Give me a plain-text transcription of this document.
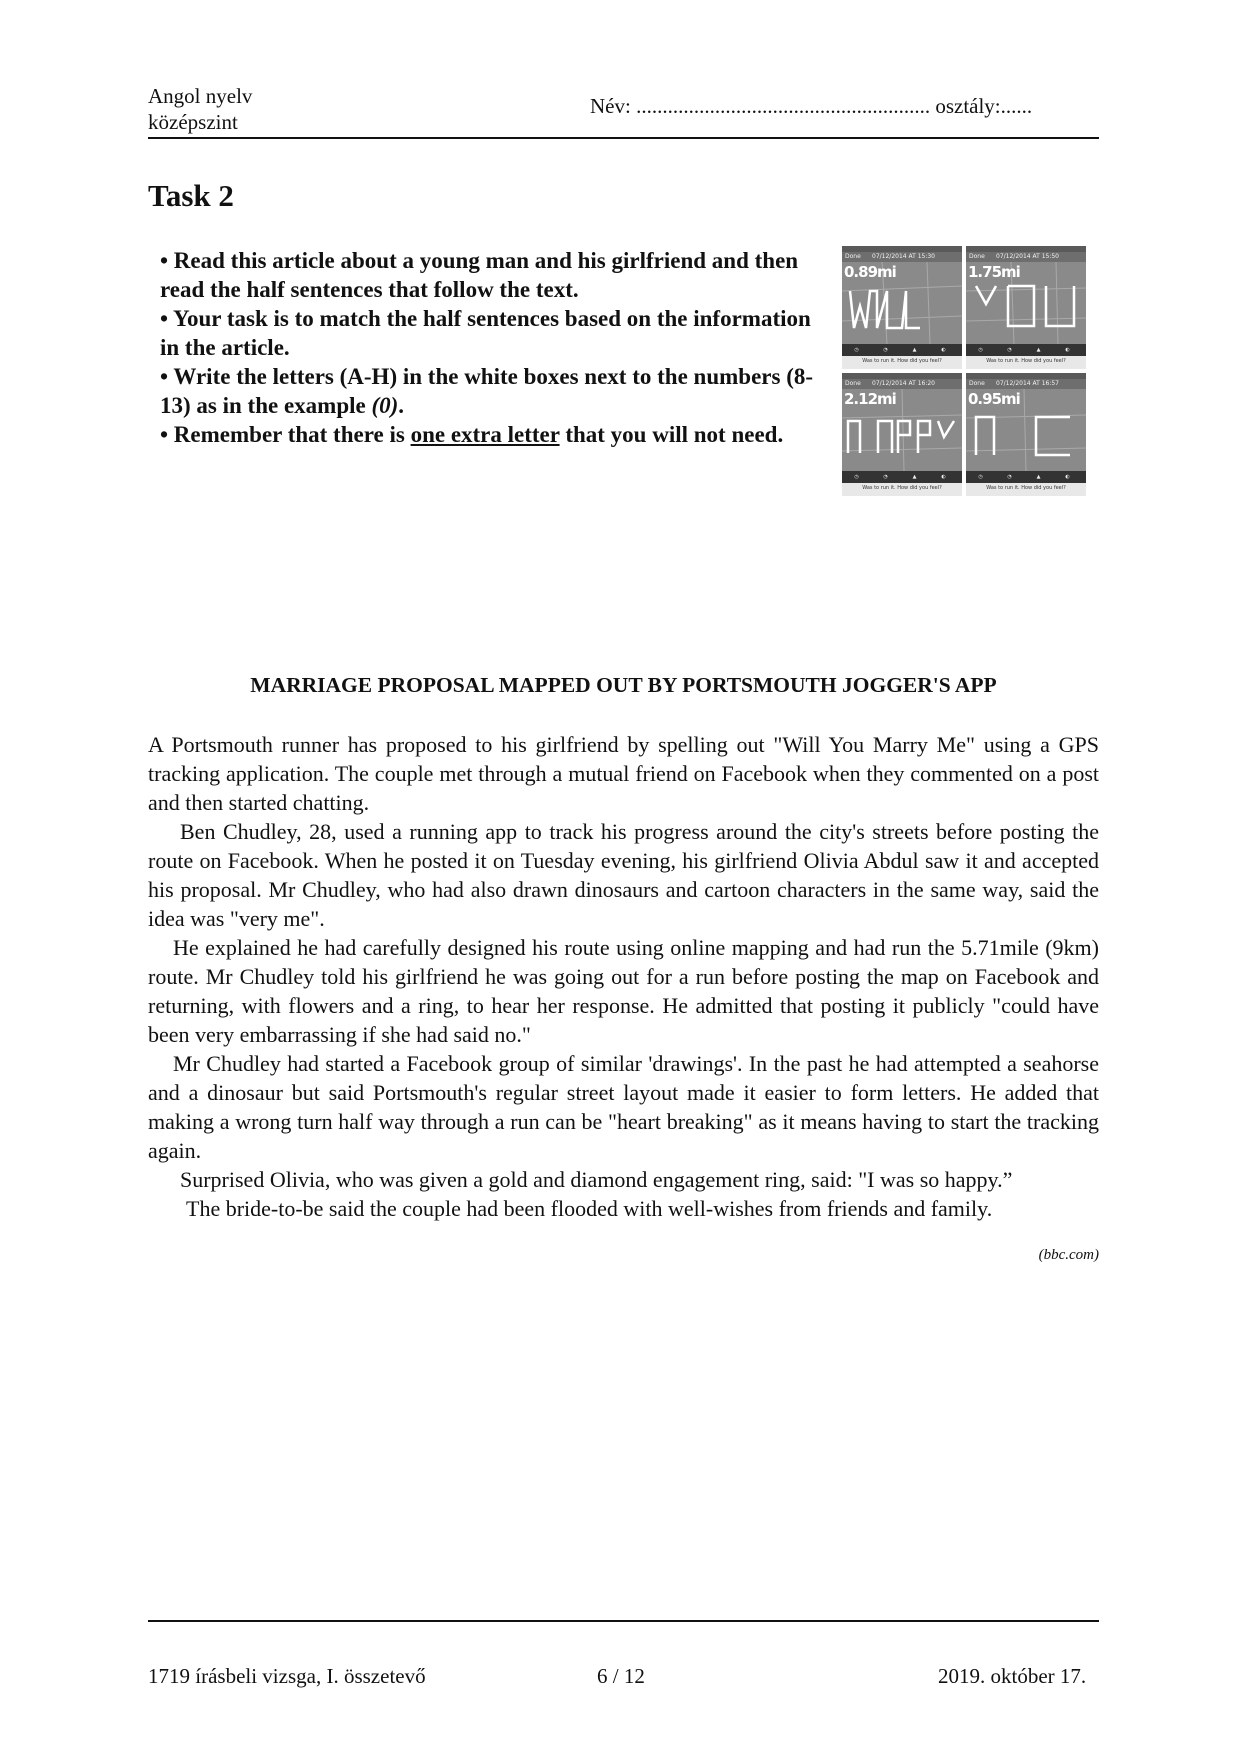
Angol nyelv
középszint
Név: ........................................................ osztály:......
Task 2

• Read this article about a young man and his girlfriend and then read the half sentences that follow the text.

• Your task is to match the half sentences based on the information in the article.

• Write the letters (A-H) in the white boxes next to the numbers (8-13) as in the example (0).

• Remember that there is one extra letter that you will not need.

Done 07/12/2014 AT 15:30
0.89mi
◷	◔	▲	◐
Was to run it. How did you feel?
Done 07/12/2014 AT 15:50
1.75mi
◷	◔	▲	◐
Was to run it. How did you feel?
Done 07/12/2014 AT 16:20
2.12mi
◷	◔	▲	◐
Was to run it. How did you feel?
Done 07/12/2014 AT 16:57
0.95mi
◷	◔	▲	◐
Was to run it. How did you feel?
MARRIAGE PROPOSAL MAPPED OUT BY PORTSMOUTH JOGGER'S APP

A Portsmouth runner has proposed to his girlfriend by spelling out "Will You Marry Me" using a GPS tracking application. The couple met through a mutual friend on Facebook when they commented on a post and then started chatting.

Ben Chudley, 28, used a running app to track his progress around the city's streets before posting the route on Facebook. When he posted it on Tuesday evening, his girlfriend Olivia Abdul saw it and accepted his proposal. Mr Chudley, who had also drawn dinosaurs and cartoon characters in the same way, said the idea was "very me".

He explained he had carefully designed his route using online mapping and had run the 5.71mile (9km) route. Mr Chudley told his girlfriend he was going out for a run before posting the map on Facebook and returning, with flowers and a ring, to hear her response. He admitted that posting it publicly "could have been very embarrassing if she had said no."

Mr Chudley had started a Facebook group of similar 'drawings'. In the past he had attempted a seahorse and a dinosaur but said Portsmouth's regular street layout made it easier to form letters. He added that making a wrong turn half way through a run can be "heart breaking" as it means having to start the tracking again.

Surprised Olivia, who was given a gold and diamond engagement ring, said: "I was so happy.”

The bride-to-be said the couple had been flooded with well-wishes from friends and family.

(bbc.com)
1719 írásbeli vizsga, I. összetevő	6 / 12	2019. október 17.
